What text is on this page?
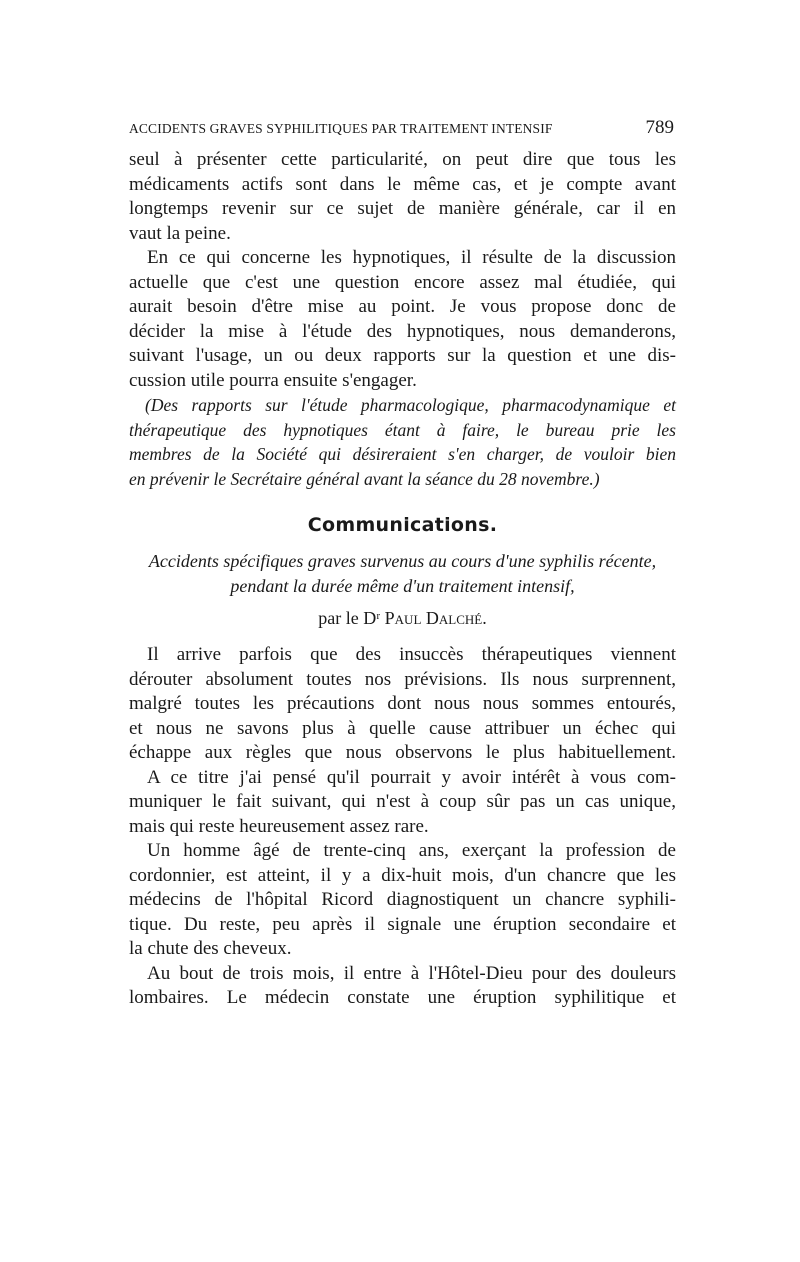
ACCIDENTS GRAVES SYPHILITIQUES PAR TRAITEMENT INTENSIF	789
seul à présenter cette particularité, on peut dire que tous les
médicaments actifs sont dans le même cas, et je compte avant
longtemps revenir sur ce sujet de manière générale, car il en
vaut la peine.
En ce qui concerne les hypnotiques, il résulte de la discussion
actuelle que c'est une question encore assez mal étudiée, qui
aurait besoin d'être mise au point. Je vous propose donc de
décider la mise à l'étude des hypnotiques, nous demanderons,
suivant l'usage, un ou deux rapports sur la question et une dis-
cussion utile pourra ensuite s'engager.
(Des rapports sur l'étude pharmacologique, pharmacodynamique et
thérapeutique des hypnotiques étant à faire, le bureau prie les
membres de la Société qui désireraient s'en charger, de vouloir bien
en prévenir le Secrétaire général avant la séance du 28 novembre.)
Communications.
Accidents spécifiques graves survenus au cours d'une syphilis récente,
pendant la durée même d'un traitement intensif,
par le Dʳ Paul Dalché.
Il arrive parfois que des insuccès thérapeutiques viennent
dérouter absolument toutes nos prévisions. Ils nous surprennent,
malgré toutes les précautions dont nous nous sommes entourés,
et nous ne savons plus à quelle cause attribuer un échec qui
échappe aux règles que nous observons le plus habituellement.
A ce titre j'ai pensé qu'il pourrait y avoir intérêt à vous com-
muniquer le fait suivant, qui n'est à coup sûr pas un cas unique,
mais qui reste heureusement assez rare.
Un homme âgé de trente-cinq ans, exerçant la profession de
cordonnier, est atteint, il y a dix-huit mois, d'un chancre que les
médecins de l'hôpital Ricord diagnostiquent un chancre syphili-
tique. Du reste, peu après il signale une éruption secondaire et
la chute des cheveux.
Au bout de trois mois, il entre à l'Hôtel-Dieu pour des douleurs
lombaires. Le médecin constate une éruption syphilitique et
